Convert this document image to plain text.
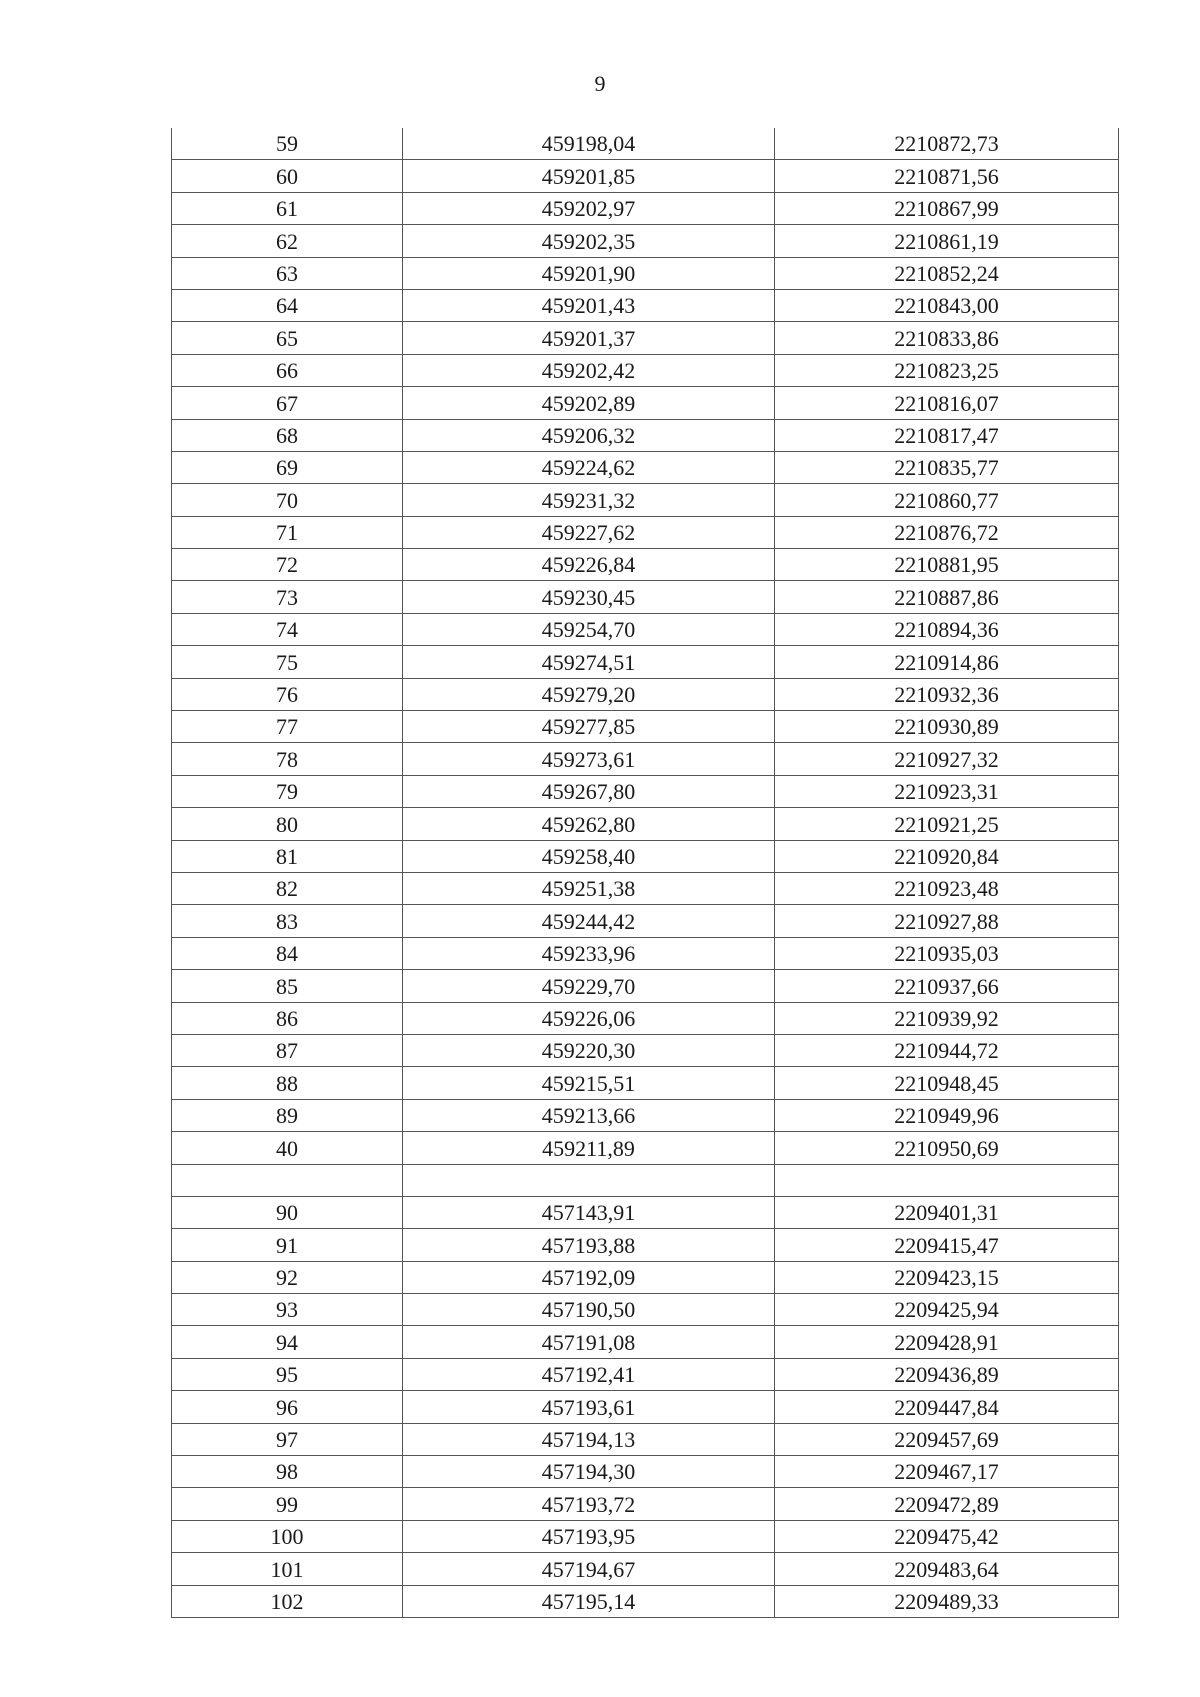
9
59	459198,04	2210872,73
60	459201,85	2210871,56
61	459202,97	2210867,99
62	459202,35	2210861,19
63	459201,90	2210852,24
64	459201,43	2210843,00
65	459201,37	2210833,86
66	459202,42	2210823,25
67	459202,89	2210816,07
68	459206,32	2210817,47
69	459224,62	2210835,77
70	459231,32	2210860,77
71	459227,62	2210876,72
72	459226,84	2210881,95
73	459230,45	2210887,86
74	459254,70	2210894,36
75	459274,51	2210914,86
76	459279,20	2210932,36
77	459277,85	2210930,89
78	459273,61	2210927,32
79	459267,80	2210923,31
80	459262,80	2210921,25
81	459258,40	2210920,84
82	459251,38	2210923,48
83	459244,42	2210927,88
84	459233,96	2210935,03
85	459229,70	2210937,66
86	459226,06	2210939,92
87	459220,30	2210944,72
88	459215,51	2210948,45
89	459213,66	2210949,96
40	459211,89	2210950,69

90	457143,91	2209401,31
91	457193,88	2209415,47
92	457192,09	2209423,15
93	457190,50	2209425,94
94	457191,08	2209428,91
95	457192,41	2209436,89
96	457193,61	2209447,84
97	457194,13	2209457,69
98	457194,30	2209467,17
99	457193,72	2209472,89
100	457193,95	2209475,42
101	457194,67	2209483,64
102	457195,14	2209489,33
